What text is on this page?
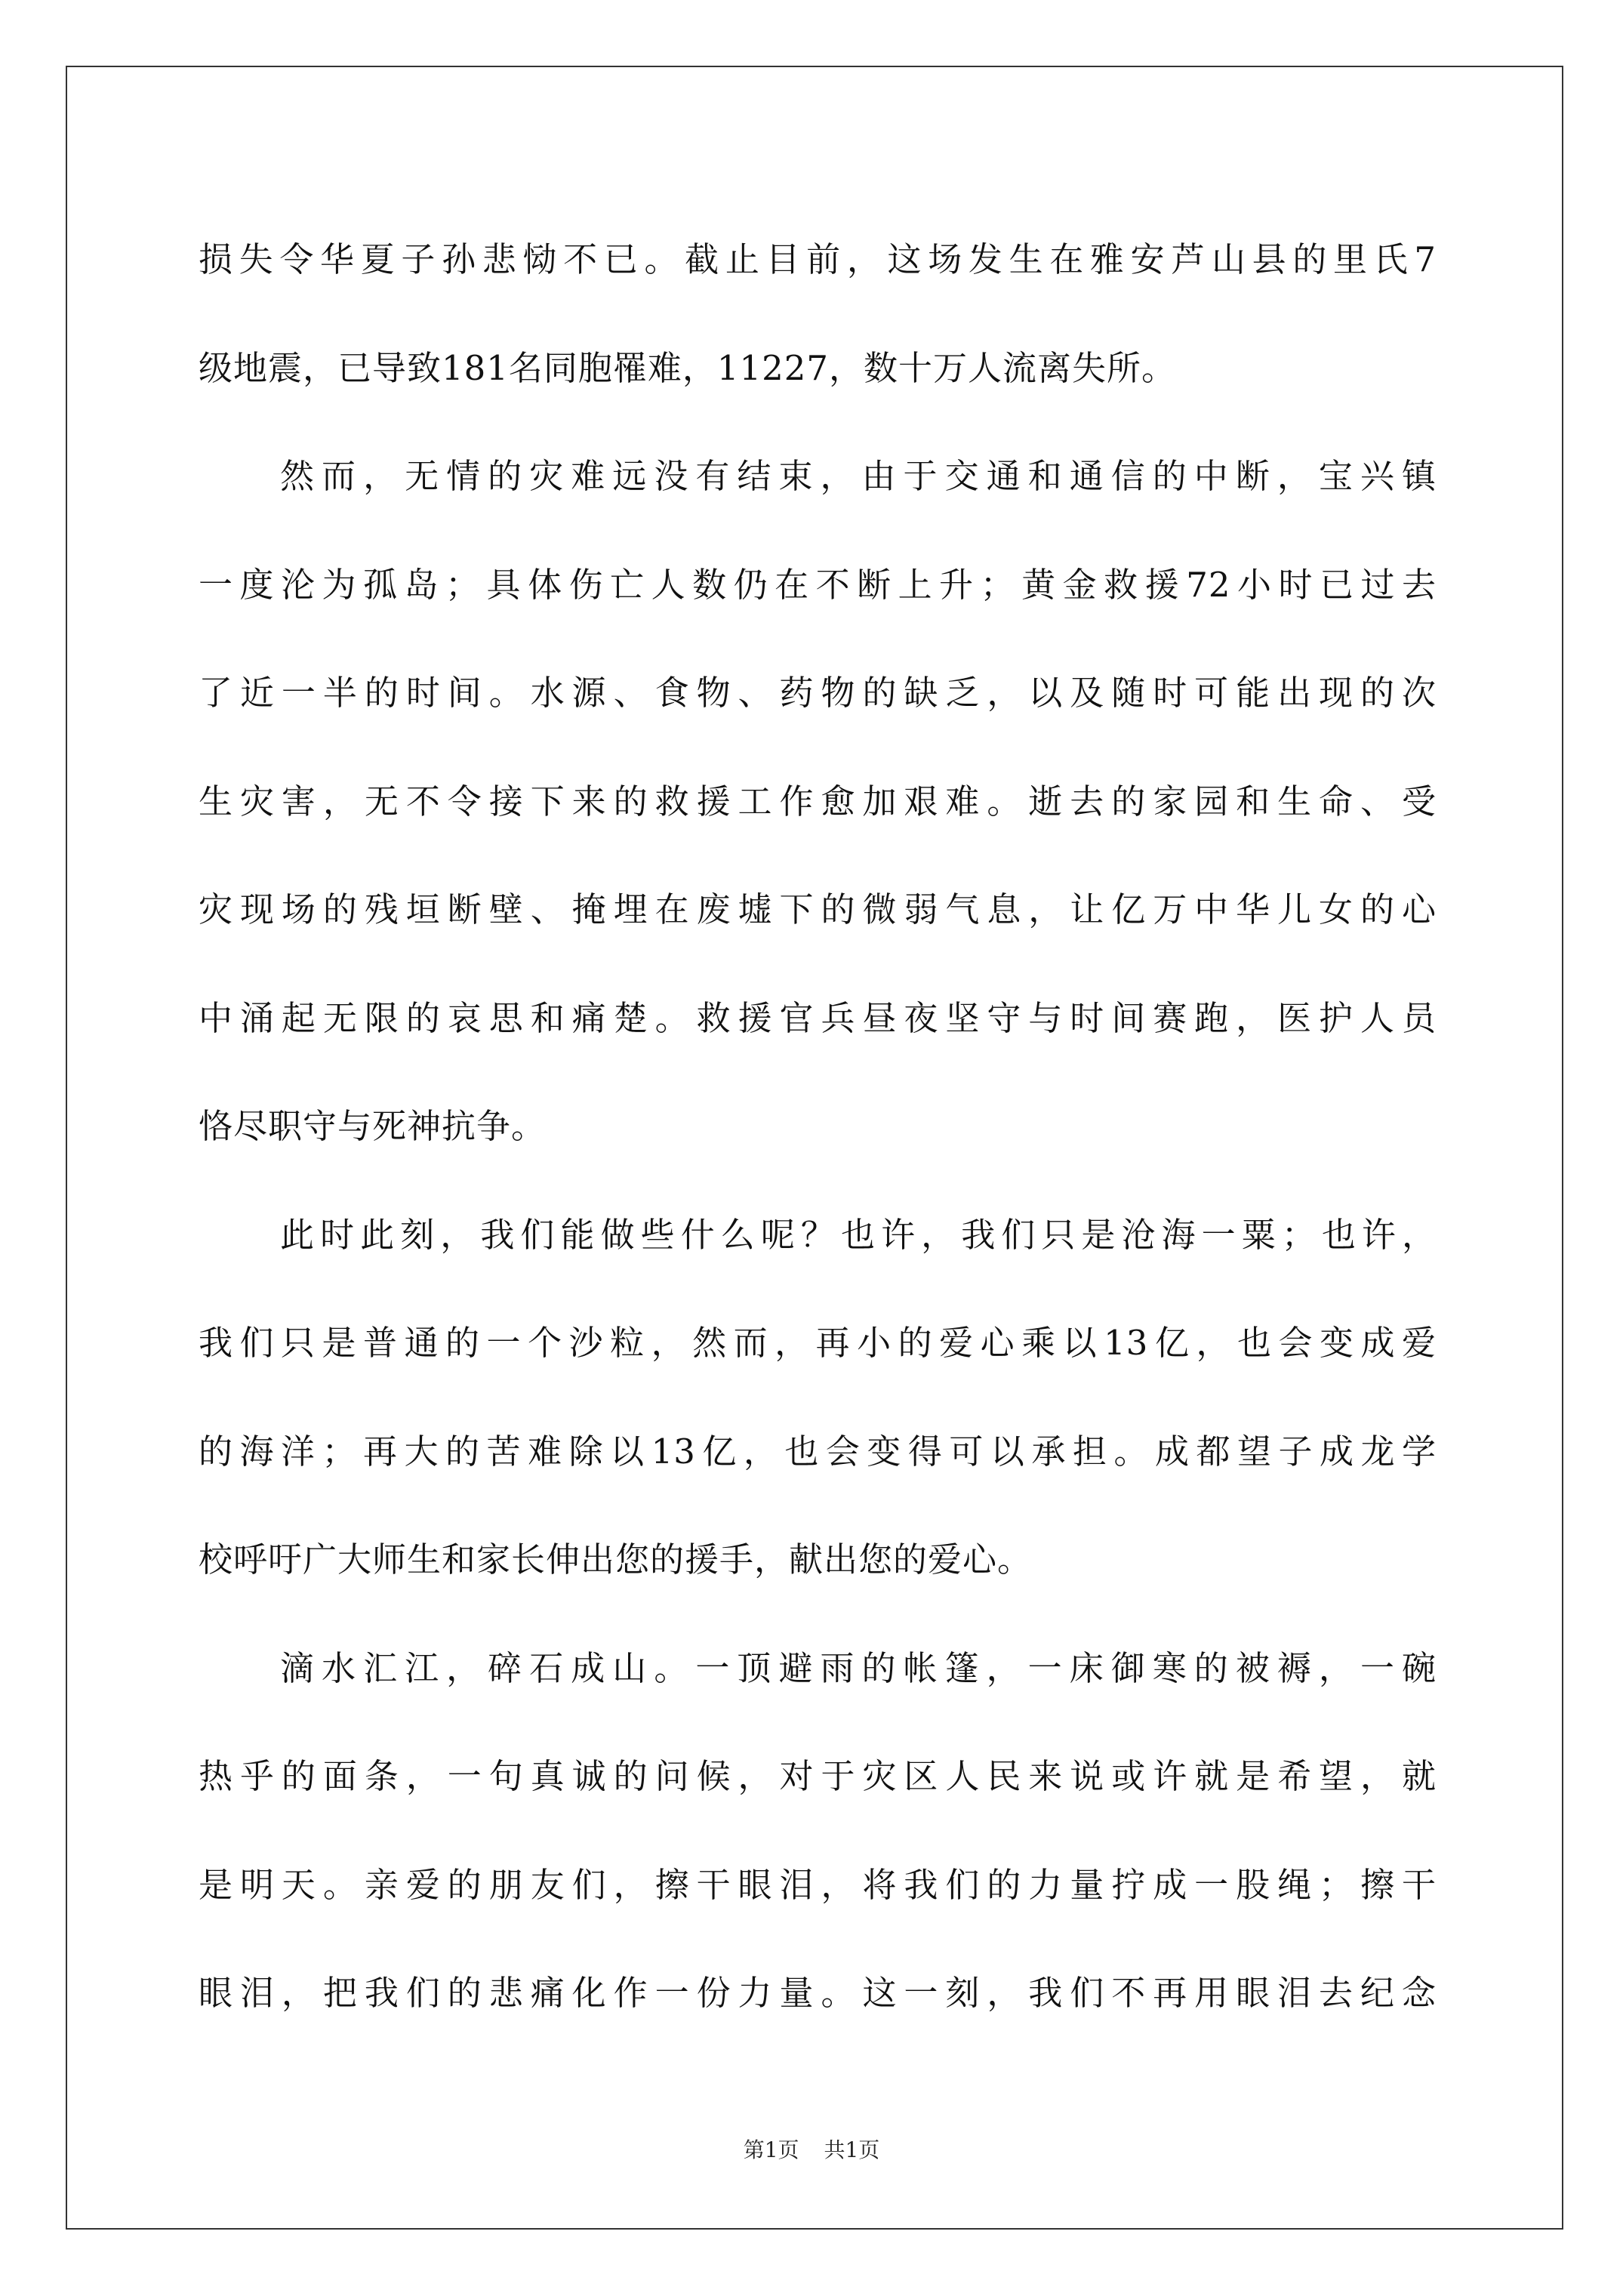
损失令华夏子孙悲恸不已。截止目前，这场发生在雅安芦山县的里氏7
级地震，已导致181名同胞罹难，11227，数十万人流离失所。
然而，无情的灾难远没有结束，由于交通和通信的中断，宝兴镇
一度沦为孤岛；具体伤亡人数仍在不断上升；黄金救援72小时已过去
了近一半的时间。水源、食物、药物的缺乏，以及随时可能出现的次
生灾害，无不令接下来的救援工作愈加艰难。逝去的家园和生命、受
灾现场的残垣断壁、掩埋在废墟下的微弱气息，让亿万中华儿女的心
中涌起无限的哀思和痛楚。救援官兵昼夜坚守与时间赛跑，医护人员
恪尽职守与死神抗争。
此时此刻，我们能做些什么呢？也许，我们只是沧海一粟；也许，
我们只是普通的一个沙粒，然而，再小的爱心乘以13亿，也会变成爱
的海洋；再大的苦难除以13亿，也会变得可以承担。成都望子成龙学
校呼吁广大师生和家长伸出您的援手，献出您的爱心。
滴水汇江，碎石成山。一顶避雨的帐篷，一床御寒的被褥，一碗
热乎的面条，一句真诚的问候，对于灾区人民来说或许就是希望，就
是明天。亲爱的朋友们，擦干眼泪，将我们的力量拧成一股绳；擦干
眼泪，把我们的悲痛化作一份力量。这一刻，我们不再用眼泪去纪念
第1页 共1页
